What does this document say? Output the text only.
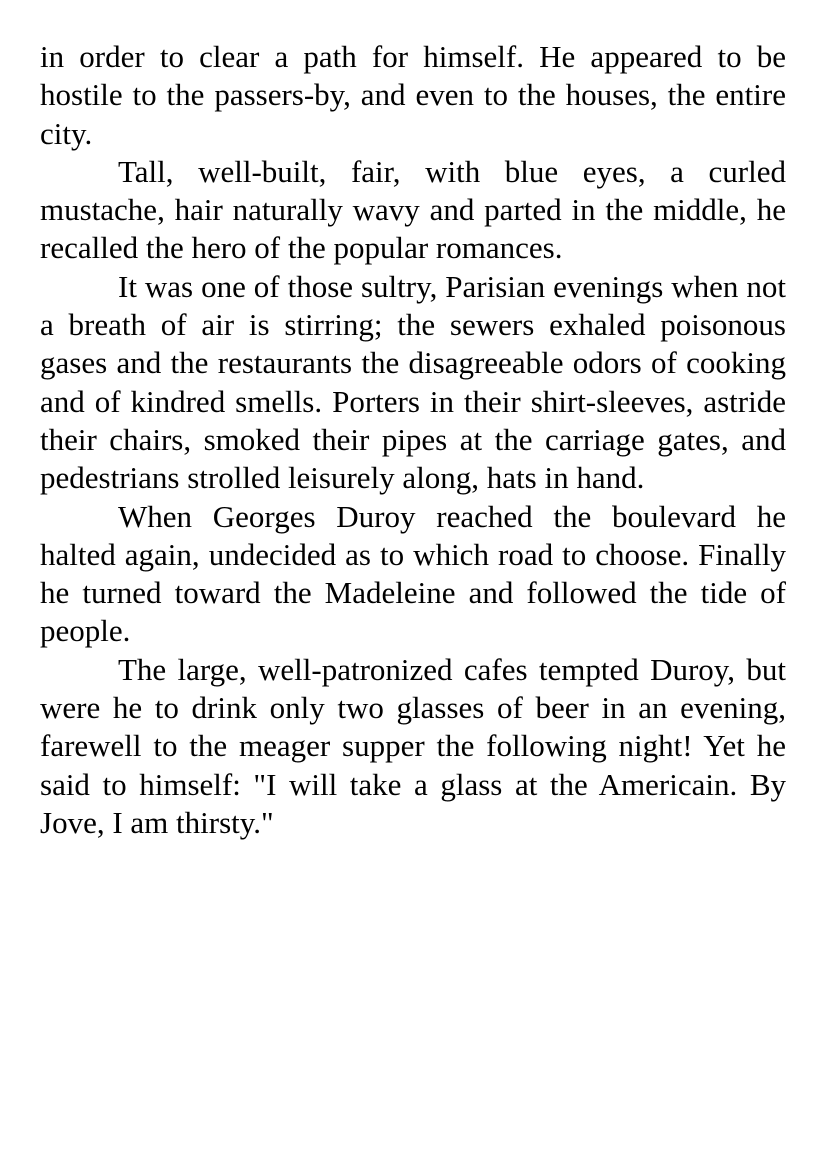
in order to clear a path for himself. He appeared to be hostile to the passers-by, and even to the houses, the entire city.

Tall, well-built, fair, with blue eyes, a curled mustache, hair naturally wavy and parted in the middle, he recalled the hero of the popular romances.

It was one of those sultry, Parisian evenings when not a breath of air is stirring; the sewers exhaled poisonous gases and the restaurants the disagreeable odors of cooking and of kindred smells. Porters in their shirt-sleeves, astride their chairs, smoked their pipes at the carriage gates, and pedestrians strolled leisurely along, hats in hand.

When Georges Duroy reached the boulevard he halted again, undecided as to which road to choose. Finally he turned toward the Madeleine and followed the tide of people.

The large, well-patronized cafes tempted Duroy, but were he to drink only two glasses of beer in an evening, farewell to the meager supper the following night! Yet he said to himself: "I will take a glass at the Americain. By Jove, I am thirsty."
